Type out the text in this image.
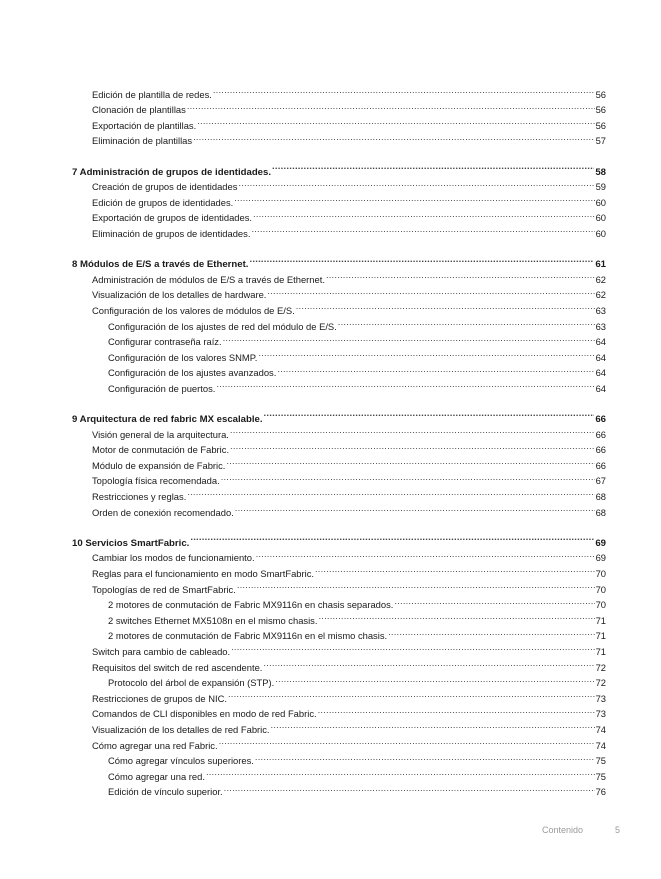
Edición de plantilla de redes. .....	56
Clonación de plantillas .....	56
Exportación de plantillas. .....	56
Eliminación de plantillas .....	57
7 Administración de grupos de identidades. .....	58
Creación de grupos de identidades .....	59
Edición de grupos de identidades. .....	60
Exportación de grupos de identidades. .....	60
Eliminación de grupos de identidades. .....	60
8 Módulos de E/S a través de Ethernet. .....	61
Administración de módulos de E/S a través de Ethernet. .....	62
Visualización de los detalles de hardware. .....	62
Configuración de los valores de módulos de E/S. .....	63
Configuración de los ajustes de red del módulo de E/S. .....	63
Configurar contraseña raíz. .....	64
Configuración de los valores SNMP. .....	64
Configuración de los ajustes avanzados. .....	64
Configuración de puertos. .....	64
9 Arquitectura de red fabric MX escalable. .....	66
Visión general de la arquitectura. .....	66
Motor de conmutación de Fabric. .....	66
Módulo de expansión de Fabric. .....	66
Topología física recomendada. .....	67
Restricciones y reglas. .....	68
Orden de conexión recomendado. .....	68
10 Servicios SmartFabric. .....	69
Cambiar los modos de funcionamiento. .....	69
Reglas para el funcionamiento en modo SmartFabric. .....	70
Topologías de red de SmartFabric. .....	70
2 motores de conmutación de Fabric MX9116n en chasis separados. .....	70
2 switches Ethernet MX5108n en el mismo chasis. .....	71
2 motores de conmutación de Fabric MX9116n en el mismo chasis. .....	71
Switch para cambio de cableado. .....	71
Requisitos del switch de red ascendente. .....	72
Protocolo del árbol de expansión (STP). .....	72
Restricciones de grupos de NIC. .....	73
Comandos de CLI disponibles en modo de red Fabric. .....	73
Visualización de los detalles de red Fabric. .....	74
Cómo agregar una red Fabric. .....	74
Cómo agregar vínculos superiores. .....	75
Cómo agregar una red. .....	75
Edición de vínculo superior. .....	76
Contenido	5
